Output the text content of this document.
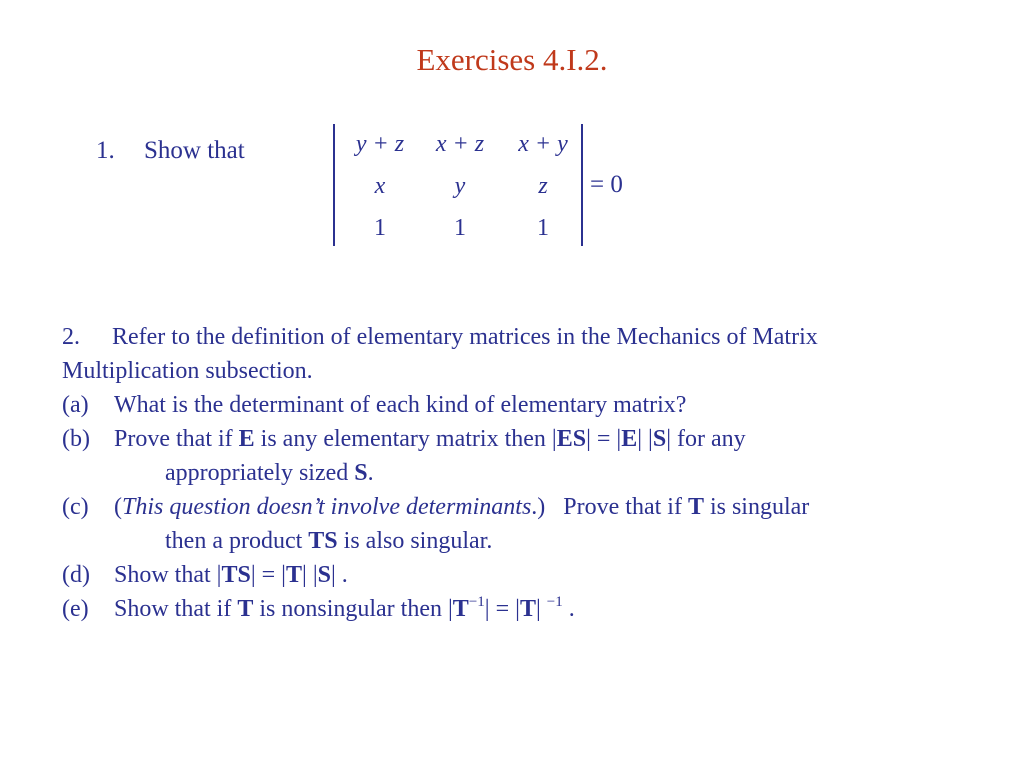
Exercises 4.I.2.
1. Show that	y + z	x + z	x + y
x	y	z
1	1	1
= 0
2. Refer to the definition of elementary matrices in the Mechanics of Matrix
Multiplication subsection.
(a) What is the determinant of each kind of elementary matrix?
(b) Prove that if E is any elementary matrix then |ES| = |E| |S| for any
appropriately sized S.
(c) (This question doesn’t involve determinants.)   Prove that if T is singular
then a product TS is also singular.
(d) Show that |TS| = |T| |S| .
(e) Show that if T is nonsingular then $|T^{-1}| = |T|$ $^{-1}$ .
